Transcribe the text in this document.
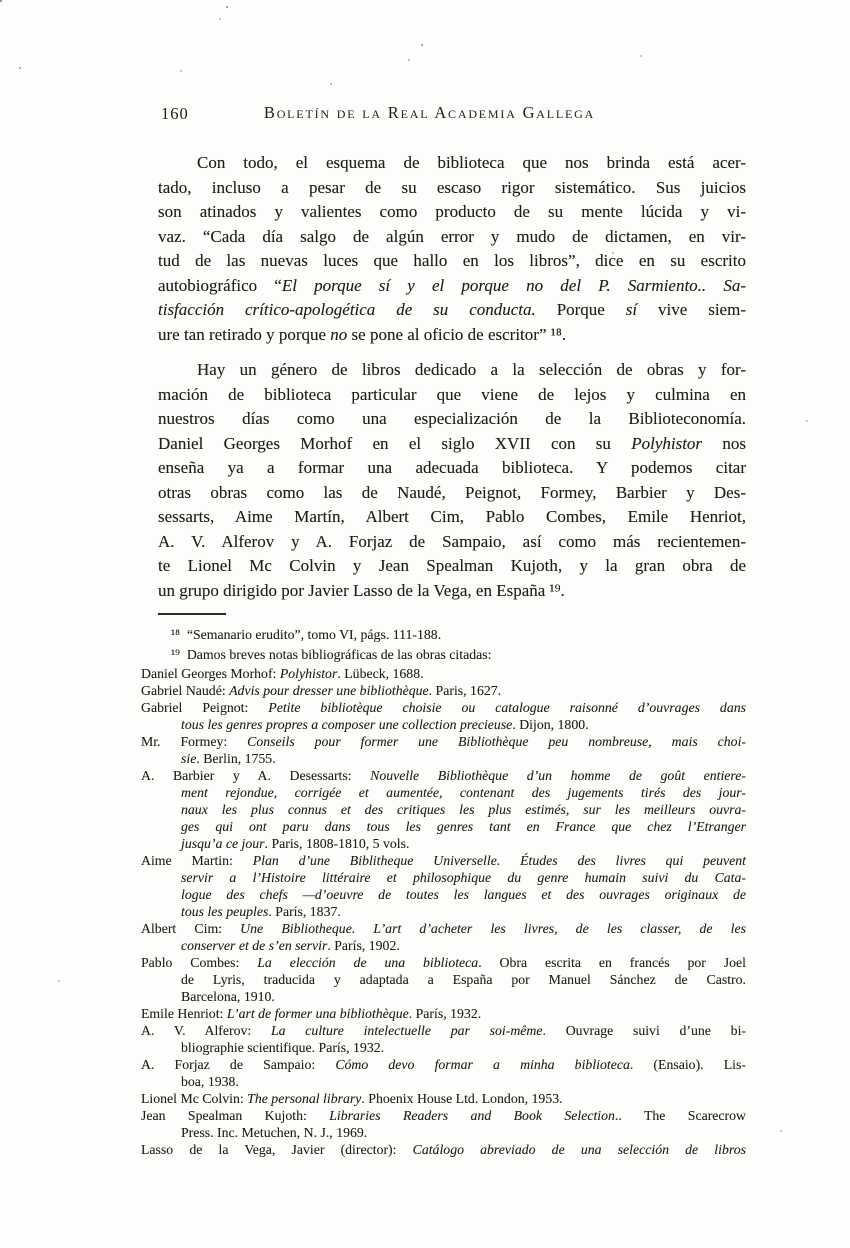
160	Boletín de la Real Academia Gallega
Con todo, el esquema de biblioteca que nos brinda está acer-
tado, incluso a pesar de su escaso rigor sistemático. Sus juicios
son atinados y valientes como producto de su mente lúcida y vi-
vaz. “Cada día salgo de algún error y mudo de dictamen, en vir-
tud de las nuevas luces que hallo en los libros”, dice en su escrito
autobiográfico “El porque sí y el porque no del P. Sarmiento.. Sa-
tisfacción crítico-apologética de su conducta. Porque sí vive siem-
ure tan retirado y porque no se pone al oficio de escritor” ¹⁸.
Hay un género de libros dedicado a la selección de obras y for-
mación de biblioteca particular que viene de lejos y culmina en
nuestros días como una especialización de la Biblioteconomía.
Daniel Georges Morhof en el siglo XVII con su Polyhistor nos
enseña ya a formar una adecuada biblioteca. Y podemos citar
otras obras como las de Naudé, Peignot, Formey, Barbier y Des-
sessarts, Aime Martín, Albert Cim, Pablo Combes, Emile Henriot,
A. V. Alferov y A. Forjaz de Sampaio, así como más recientemen-
te Lionel Mc Colvin y Jean Spealman Kujoth, y la gran obra de
un grupo dirigido por Javier Lasso de la Vega, en España ¹⁹.
¹⁸ “Semanario erudito”, tomo VI, págs. 111-188.
¹⁹ Damos breves notas bibliográficas de las obras citadas:
Daniel Georges Morhof: Polyhistor. Lübeck, 1688.
Gabriel Naudé: Advis pour dresser une bibliothèque. Paris, 1627.
Gabriel Peignot: Petite bibliotèque choisie ou catalogue raisonné d’ouvrages dans
tous les genres propres a composer une collection precieuse. Dijon, 1800.
Mr. Formey: Conseils pour former une Bibliothèque peu nombreuse, mais choi-
sie. Berlin, 1755.
A. Barbier y A. Desessarts: Nouvelle Bibliothèque d’un homme de goût entiere-
ment rejondue, corrigée et aumentée, contenant des jugements tirés des jour-
naux les plus connus et des critiques les plus estimés, sur les meilleurs ouvra-
ges qui ont paru dans tous les genres tant en France que chez l’Etranger
jusqu’a ce jour. Paris, 1808-1810, 5 vols.
Aime Martin: Plan d’une Biblitheque Universelle. Études des livres qui peuvent
servir a l’Histoire littéraire et philosophique du genre humain suivi du Cata-
logue des chefs —d’oeuvre de toutes les langues et des ouvrages originaux de
tous les peuples. París, 1837.
Albert Cim: Une Bibliotheque. L’art d’acheter les livres, de les classer, de les
conserver et de s’en servir. París, 1902.
Pablo Combes: La elección de una biblioteca. Obra escrita en francés por Joel
de Lyris, traducida y adaptada a España por Manuel Sánchez de Castro.
Barcelona, 1910.
Emile Henriot: L’art de former una bibliothèque. París, 1932.
A. V. Alferov: La culture intelectuelle par soi-même. Ouvrage suivi d’une bi-
bliographie scientifique. París, 1932.
A. Forjaz de Sampaio: Cómo devo formar a minha biblioteca. (Ensaio). Lis-
boa, 1938.
Lionel Mc Colvin: The personal library. Phoenix House Ltd. London, 1953.
Jean Spealman Kujoth: Libraries Readers and Book Selection.. The Scarecrow
Press. Inc. Metuchen, N. J., 1969.
Lasso de la Vega, Javier (director): Catálogo abreviado de una selección de libros
